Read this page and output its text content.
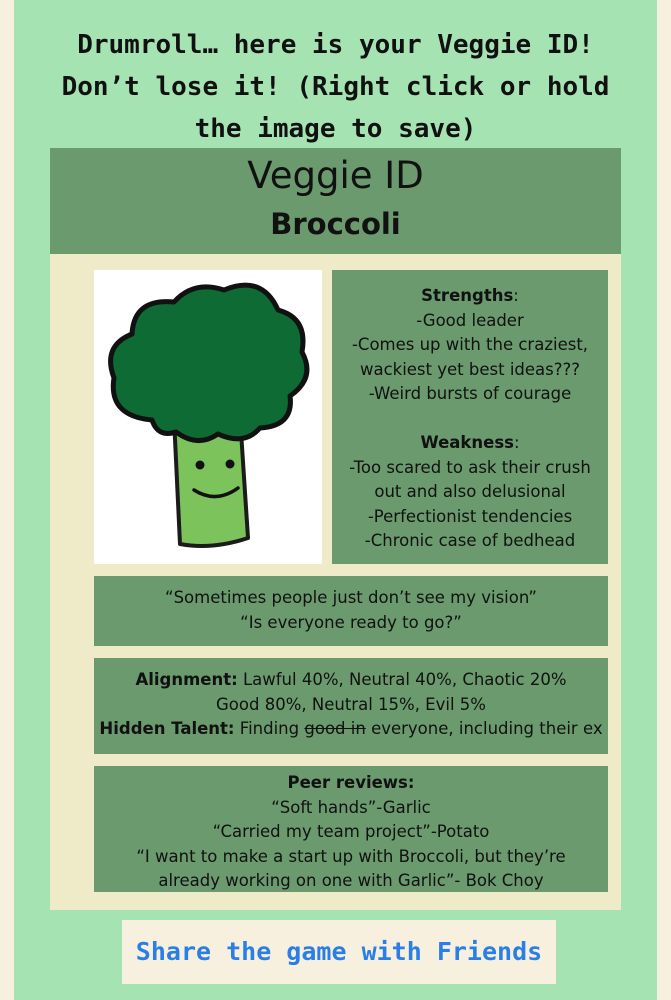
Drumroll… here is your Veggie ID!
Don’t lose it! (Right click or hold
the image to save)
Veggie ID
Broccoli
Strengths:
-Good leader
-Comes up with the craziest,
wackiest yet best ideas???
-Weird bursts of courage
Weakness:
-Too scared to ask their crush
out and also delusional
-Perfectionist tendencies
-Chronic case of bedhead
“Sometimes people just don’t see my vision”
“Is everyone ready to go?”
Alignment: Lawful 40%, Neutral 40%, Chaotic 20%
Good 80%, Neutral 15%, Evil 5%
Hidden Talent: Finding good in everyone, including their ex
Peer reviews:
“Soft hands”-Garlic
“Carried my team project”-Potato
“I want to make a start up with Broccoli, but they’re
already working on one with Garlic”- Bok Choy
Share the game with Friends
